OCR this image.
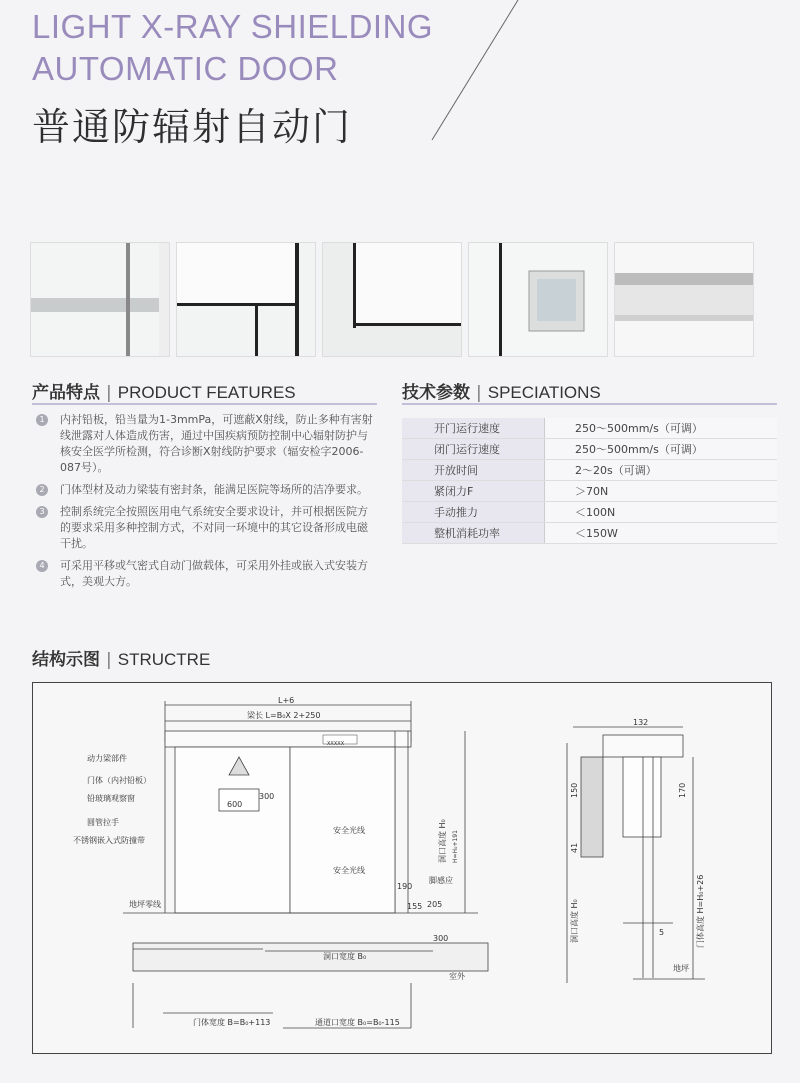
LIGHT X-RAY SHIELDING
AUTOMATIC DOOR
普通防辐射自动门
产品特点 | PRODUCT FEATURES
1	内衬铅板，铅当量为1-3mmPa，可遮蔽X射线，防止多种有害射线泄露对人体造成伤害，通过中国疾病预防控制中心辐射防护与核安全医学所检测，符合诊断X射线防护要求（辐安检字2006-087号）。
2	门体型材及动力梁装有密封条，能满足医院等场所的洁净要求。
3	控制系统完全按照医用电气系统安全要求设计，并可根据医院方的要求采用多种控制方式，不对同一环境中的其它设备形成电磁干扰。
4	可采用平移或气密式自动门做载体，可采用外挂或嵌入式安装方式，美观大方。
技术参数 | SPECIATIONS
开门运行速度	250～500mm/s（可调）
闭门运行速度	250～500mm/s（可调）
开放时间	2～20s（可调）
紧闭力F	＞70N
手动推力	＜100N
整机消耗功率	＜150W
结构示图 | STRUCTRE
动力梁部件
门体（内衬铅板）
铅玻璃观察窗
圆管拉手
不锈钢嵌入式防撞带
地坪零线
安全光线
安全光线
脚感应
L+6
梁长 L=B₀X 2+250
600
300
190
155 205
300
XXXXX
洞口高度 H₀ H=H₀+191
洞口宽度 B₀
室外
门体宽度 B=B₀+113	通道口宽度 B₀=B₀-115
132
150	170
41
5
洞口高度 H₀	门体高度 H=H₀+26
地坪
